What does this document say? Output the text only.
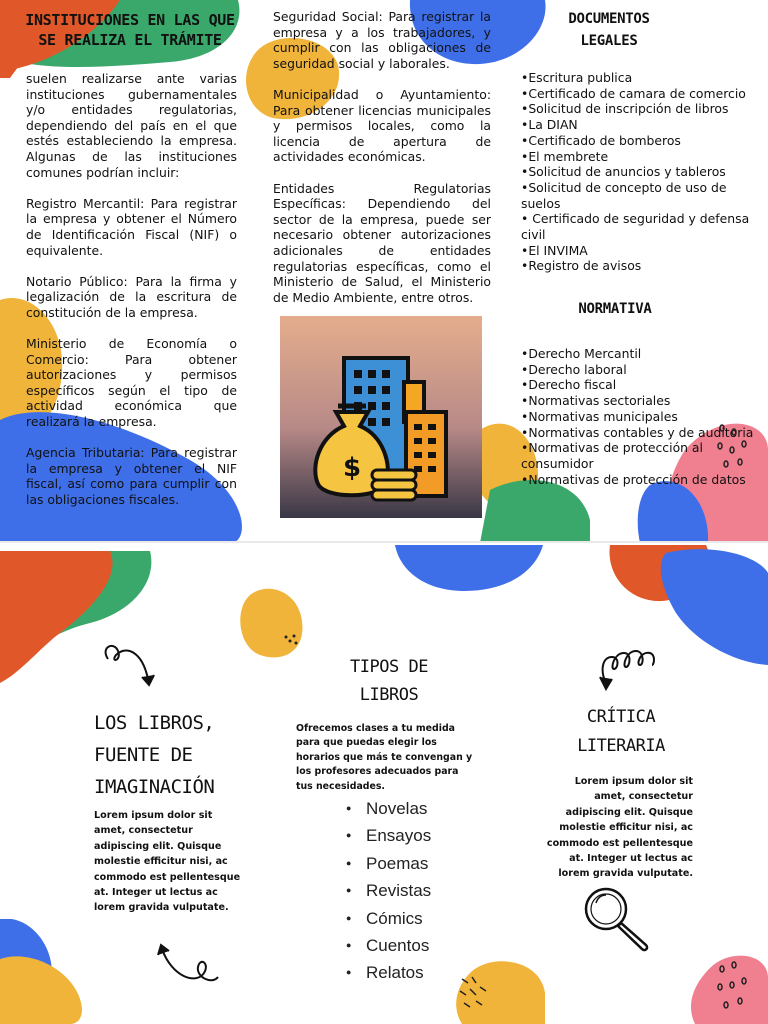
INSTITUCIONES EN LAS QUE
SE REALIZA EL TRÁMITE

suelen realizarse ante varias instituciones gubernamentales y/o entidades regulatorias, dependiendo del país en el que estés estableciendo la empresa. Algunas de las instituciones comunes podrían incluir:

Registro Mercantil: Para registrar la empresa y obtener el Número de Identificación Fiscal (NIF) o equivalente.

Notario Público: Para la firma y legalización de la escritura de constitución de la empresa.

Ministerio de Economía o Comercio: Para obtener autorizaciones y permisos específicos según el tipo de actividad económica que realizará la empresa.

Agencia Tributaria: Para registrar la empresa y obtener el NIF fiscal, así como para cumplir con las obligaciones fiscales.

Seguridad Social: Para registrar la empresa y a los trabajadores, y cumplir con las obligaciones de seguridad social y laborales.

Municipalidad o Ayuntamiento: Para obtener licencias municipales y permisos locales, como la licencia de apertura de actividades económicas.

Entidades Regulatorias Específicas: Dependiendo del sector de la empresa, puede ser necesario obtener autorizaciones adicionales de entidades regulatorias específicas, como el Ministerio de Salud, el Ministerio de Medio Ambiente, entre otros.

$
DOCUMENTOS
LEGALES
• Escritura publica
• Certificado de camara de comercio
• Solicitud de inscripción de libros
• La DIAN
• Certificado de bomberos
• El membrete
• Solicitud de anuncios y tableros
• Solicitud de concepto de uso de suelos
• Certificado de seguridad y defensa civil
• El INVIMA
• Registro de avisos
NORMATIVA
• Derecho Mercantil
• Derecho laboral
• Derecho fiscal
• Normativas sectoriales
• Normativas municipales
• Normativas contables y de auditoria
• Normativas de protección al consumidor
• Normativas de protección de datos
LOS LIBROS,
FUENTE DE
IMAGINACIÓN
Lorem ipsum dolor sit amet, consectetur adipiscing elit. Quisque molestie efficitur nisi, ac commodo est pellentesque at. Integer ut lectus ac lorem gravida vulputate.
TIPOS DE
LIBROS
Ofrecemos clases a tu medida para que puedas elegir los horarios que más te convengan y los profesores adecuados para tus necesidades.
● Novelas
● Ensayos
● Poemas
● Revistas
● Cómics
● Cuentos
● Relatos
CRÍTICA
LITERARIA
Lorem ipsum dolor sit amet, consectetur adipiscing elit. Quisque molestie efficitur nisi, ac commodo est pellentesque at. Integer ut lectus ac lorem gravida vulputate.
